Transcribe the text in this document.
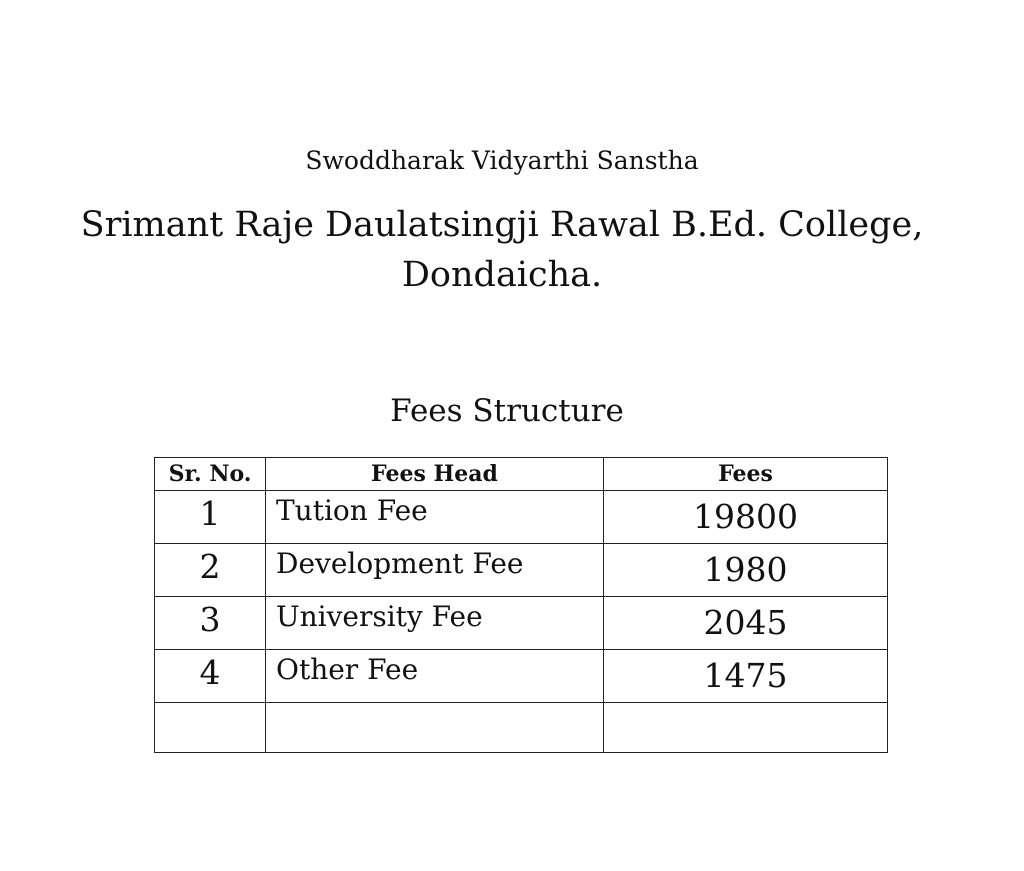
Swoddharak Vidyarthi Sanstha
Srimant Raje Daulatsingji Rawal B.Ed. College,
Dondaicha.
Fees Structure
Sr. No.	Fees Head	Fees
1	Tution Fee	19800
2	Development Fee	1980
3	University Fee	2045
4	Other Fee	1475
